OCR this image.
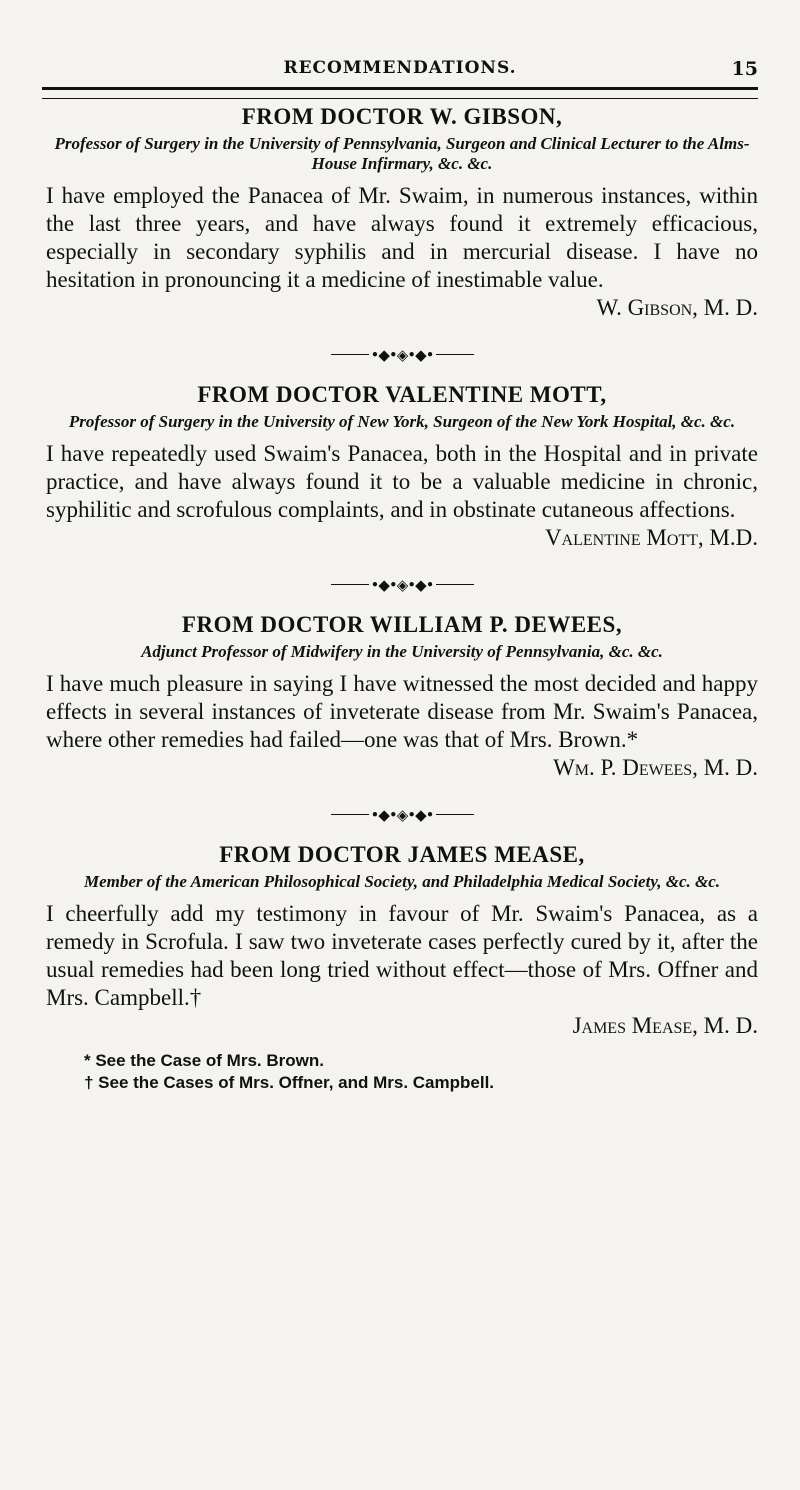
RECOMMENDATIONS.	15
FROM DOCTOR W. GIBSON,
Professor of Surgery in the University of Pennsylvania, Surgeon and Clinical Lecturer to the Alms-House Infirmary, &c. &c.

I have employed the Panacea of Mr. Swaim, in numerous instances, within the last three years, and have always found it extremely efficacious, especially in secondary syphilis and in mercurial disease. I have no hesitation in pronouncing it a medicine of inestimable value.

W. Gibson, M. D.

•◆•◈•◆•
FROM DOCTOR VALENTINE MOTT,
Professor of Surgery in the University of New York, Surgeon of the New York Hospital, &c. &c.

I have repeatedly used Swaim's Panacea, both in the Hospital and in private practice, and have always found it to be a valuable medicine in chronic, syphilitic and scrofulous complaints, and in obstinate cutaneous affections.

Valentine Mott, M.D.

•◆•◈•◆•
FROM DOCTOR WILLIAM P. DEWEES,
Adjunct Professor of Midwifery in the University of Pennsylvania, &c. &c.

I have much pleasure in saying I have witnessed the most decided and happy effects in several instances of inveterate disease from Mr. Swaim's Panacea, where other remedies had failed—one was that of Mrs. Brown.*

Wm. P. Dewees, M. D.

•◆•◈•◆•
FROM DOCTOR JAMES MEASE,
Member of the American Philosophical Society, and Philadelphia Medical Society, &c. &c.

I cheerfully add my testimony in favour of Mr. Swaim's Panacea, as a remedy in Scrofula. I saw two inveterate cases perfectly cured by it, after the usual remedies had been long tried without effect—those of Mrs. Offner and Mrs. Campbell.†

James Mease, M. D.

* See the Case of Mrs. Brown.
† See the Cases of Mrs. Offner, and Mrs. Campbell.
